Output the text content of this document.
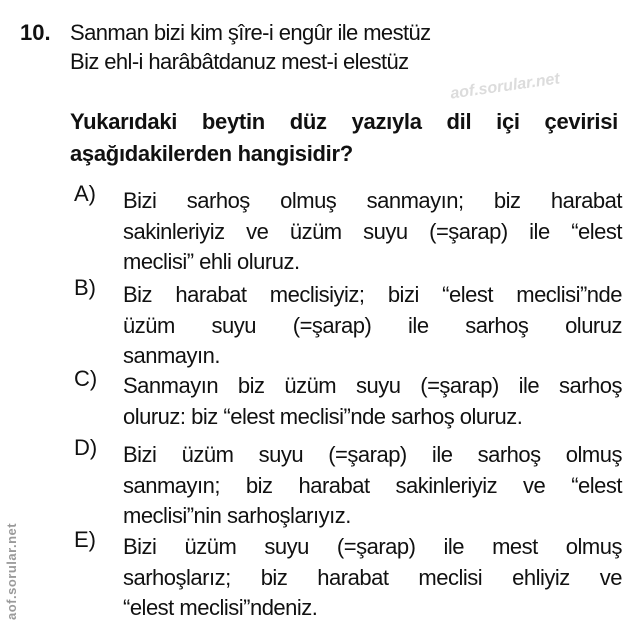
aof.sorular.net
aof.sorular.net
10. Sanman bizi kim şîre-i engûr ile mestüz
Biz ehl-i harâbâtdanuz mest-i elestüz
Yukarıdaki beytin düz yazıyla dil içi çevirisi
aşağıdakilerden hangisidir?
A) Bizi sarhoş olmuş sanmayın; biz harabat
sakinleriyiz ve üzüm suyu (=şarap) ile “elest
meclisi” ehli oluruz.
B) Biz harabat meclisiyiz; bizi “elest meclisi”nde
üzüm suyu (=şarap) ile sarhoş oluruz
sanmayın.
C) Sanmayın biz üzüm suyu (=şarap) ile sarhoş
oluruz: biz “elest meclisi”nde sarhoş oluruz.
D) Bizi üzüm suyu (=şarap) ile sarhoş olmuş
sanmayın; biz harabat sakinleriyiz ve “elest
meclisi”nin sarhoşlarıyız.
E) Bizi üzüm suyu (=şarap) ile mest olmuş
sarhoşlarız; biz harabat meclisi ehliyiz ve
“elest meclisi”ndeniz.
